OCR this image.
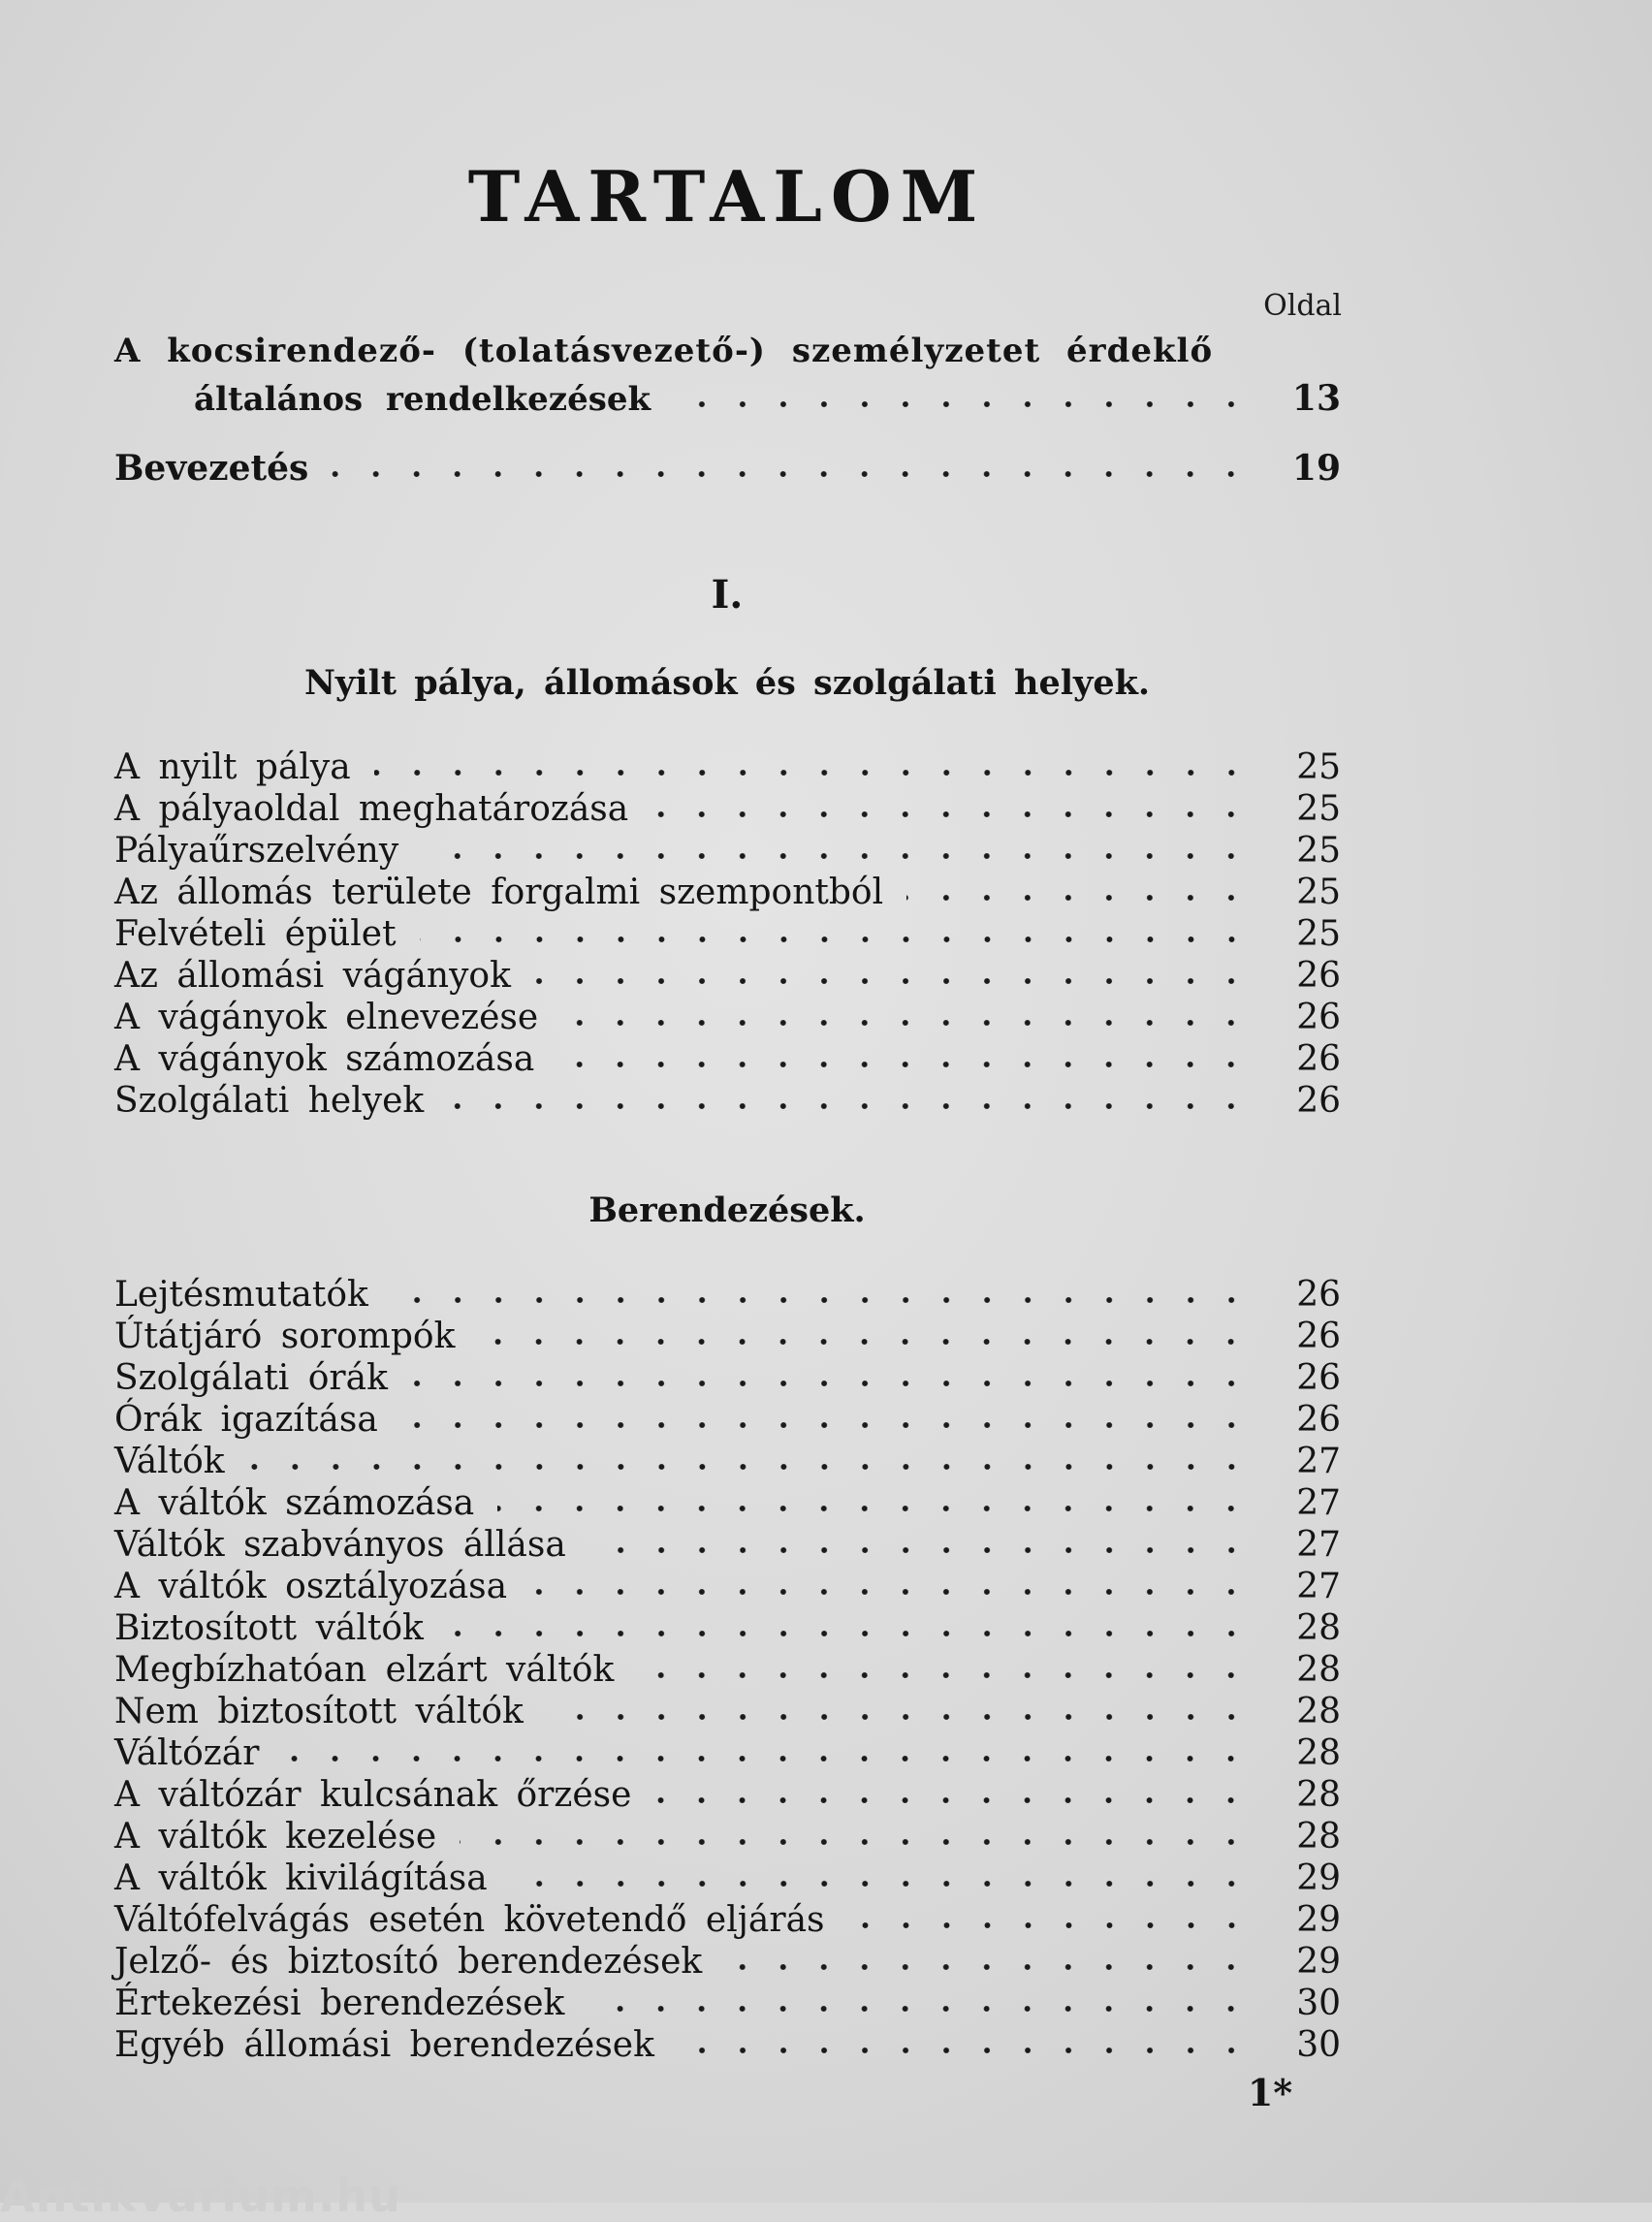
TARTALOM
Oldal
A kocsirendező- (tolatásvezető-) személyzetet érdeklő
általános rendelkezések	13
Bevezetés	19
I.
Nyilt pálya, állomások és szolgálati helyek.
A nyilt pálya	25
A pályaoldal meghatározása	25
Pályaűrszelvény	25
Az állomás területe forgalmi szempontból	25
Felvételi épület	25
Az állomási vágányok	26
A vágányok elnevezése	26
A vágányok számozása	26
Szolgálati helyek	26
Berendezések.
Lejtésmutatók	26
Útátjáró sorompók	26
Szolgálati órák	26
Órák igazítása	26
Váltók	27
A váltók számozása	27
Váltók szabványos állása	27
A váltók osztályozása	27
Biztosított váltók	28
Megbízhatóan elzárt váltók	28
Nem biztosított váltók	28
Váltózár	28
A váltózár kulcsának őrzése	28
A váltók kezelése	28
A váltók kivilágítása	29
Váltófelvágás esetén követendő eljárás	29
Jelző- és biztosító berendezések	29
Értekezési berendezések	30
Egyéb állomási berendezések	30
1*
Antikvarium.hu
